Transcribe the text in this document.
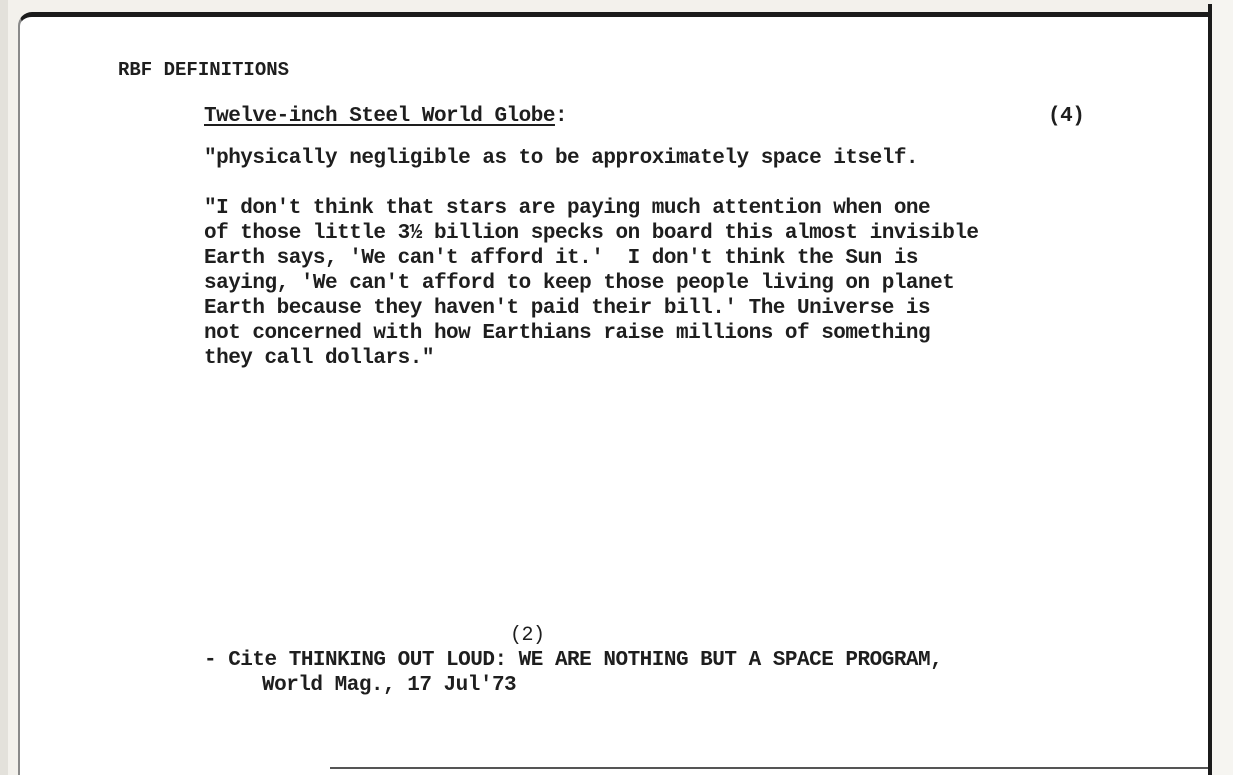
RBF DEFINITIONS
Twelve-inch Steel World Globe:	(4)
"physically negligible as to be approximately space itself.
"I don't think that stars are paying much attention when one
of those little 3½ billion specks on board this almost invisible
Earth says, 'We can't afford it.'  I don't think the Sun is
saying, 'We can't afford to keep those people living on planet
Earth because they haven't paid their bill.' The Universe is
not concerned with how Earthians raise millions of something
they call dollars."
(2)
- Cite THINKING OUT LOUD: WE ARE NOTHING BUT A SPACE PROGRAM,
World Mag., 17 Jul'73
